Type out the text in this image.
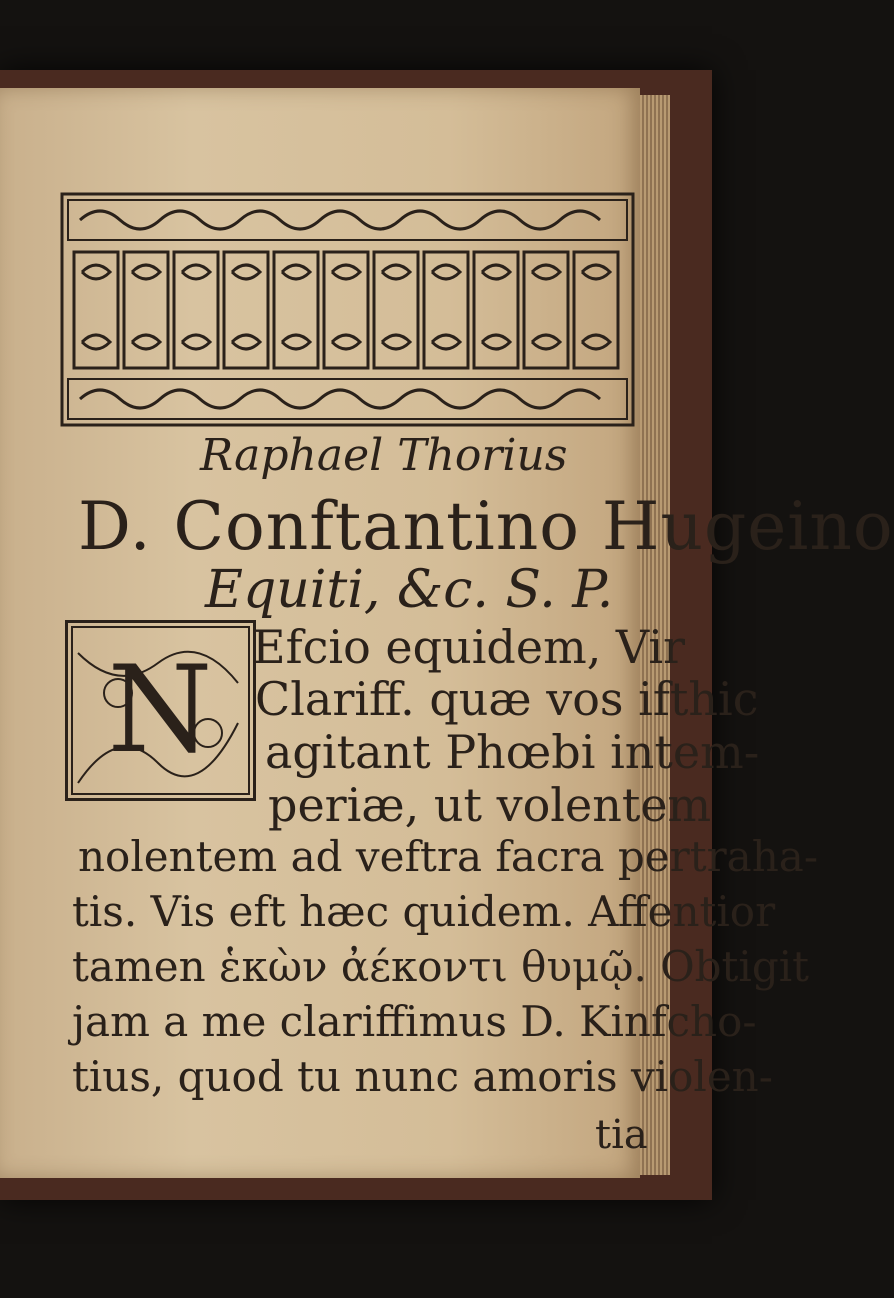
Raphael Thorius
D. Conftantino Hugeino
Equiti, &c. S. P.
N Efcio equidem, Vir
Clariff. quæ vos ifthic
agitant Phœbi intem-
periæ, ut volentem
nolentem ad veftra facra pertraha-
tis. Vis eft hæc quidem. Affentior
tamen ἑκὼν ἀέκοντι θυμῷ. Obtigit
jam a me clariffimus D. Kinfcho-
tius, quod tu nunc amoris violen-
tia
